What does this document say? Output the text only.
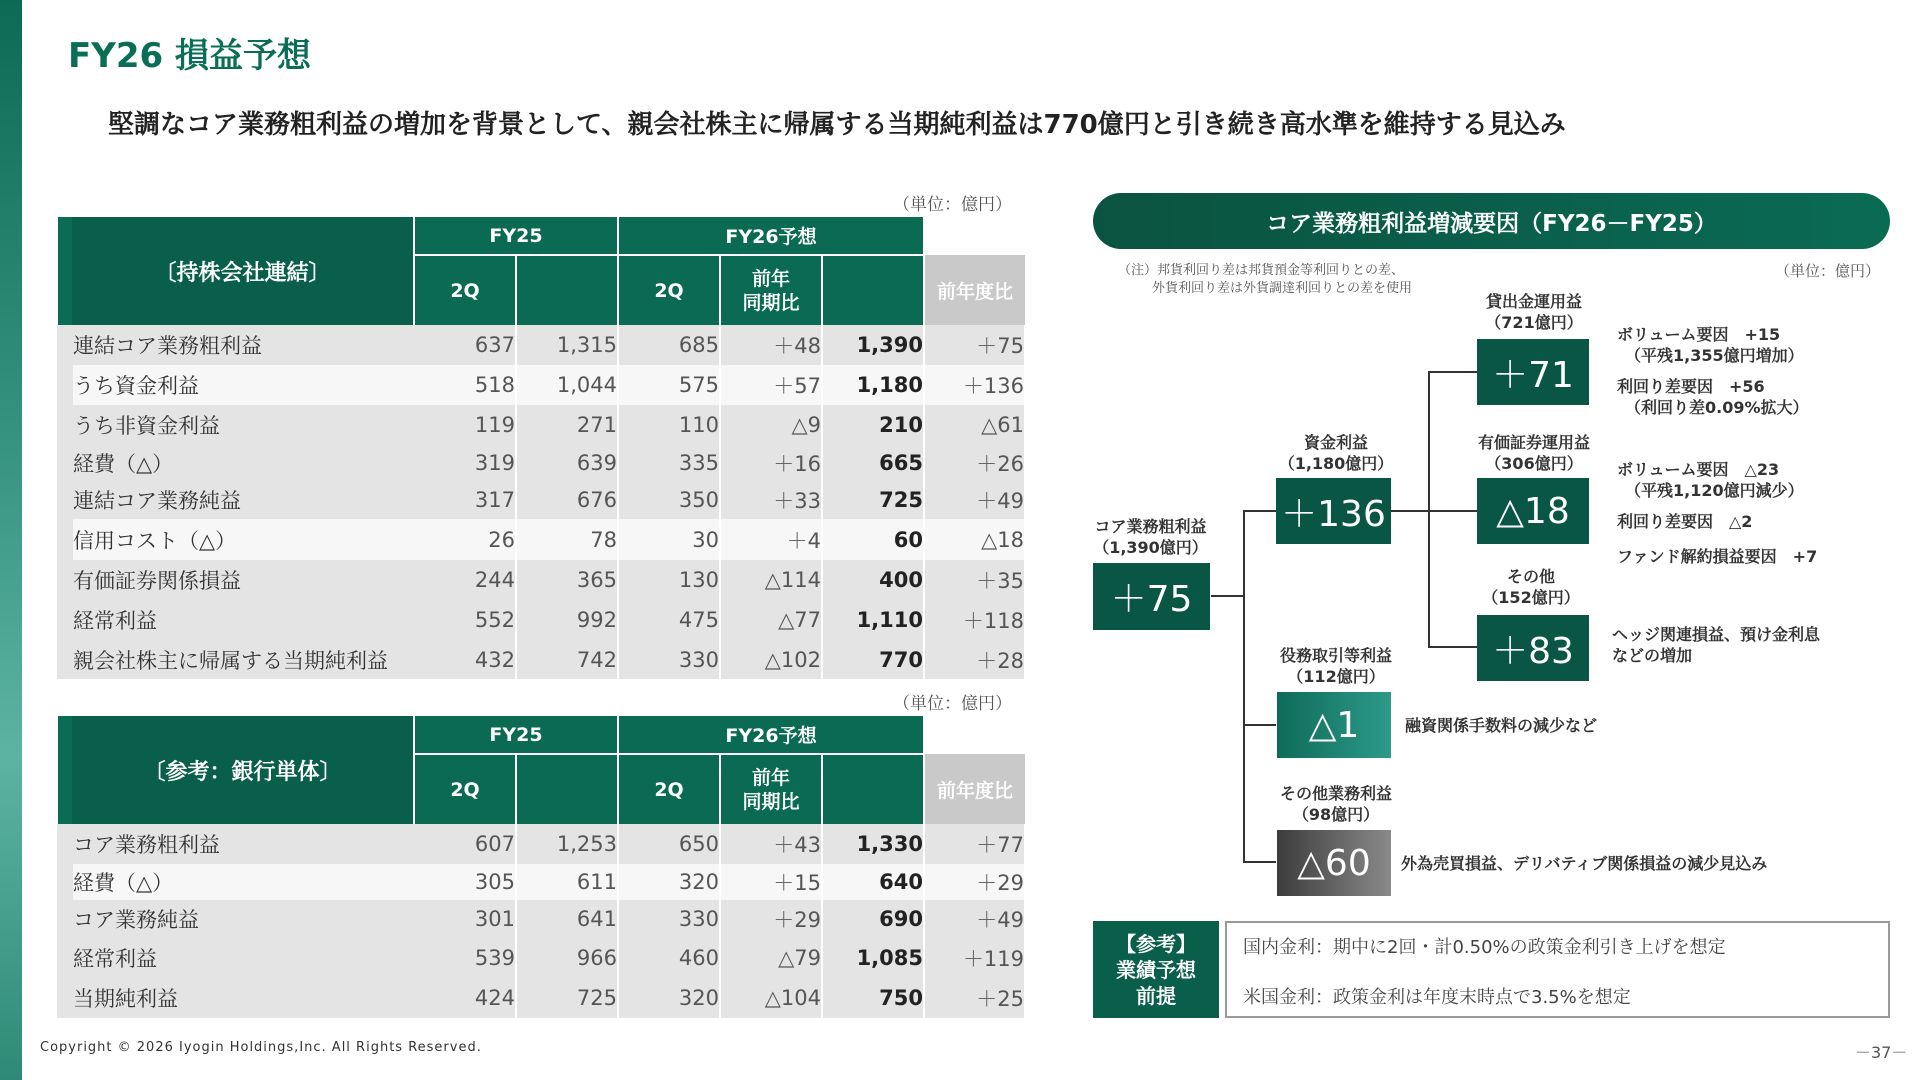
FY26 損益予想
堅調なコア業務粗利益の増加を背景として、親会社株主に帰属する当期純利益は770億円と引き続き高水準を維持する見込み
（単位：億円）
〔持株会社連結〕	FY25		FY26予想			
	2Q		2Q	前年
同期比		前年度比
連結コア業務粗利益	637	1,315	685	＋48	1,390	＋75
うち資金利益	518	1,044	575	＋57	1,180	＋136
うち非資金利益	119	271	110	△9	210	△61
経費（△）	319	639	335	＋16	665	＋26
連結コア業務純益	317	676	350	＋33	725	＋49
信用コスト（△）	26	78	30	＋4	60	△18
有価証券関係損益	244	365	130	△114	400	＋35
経常利益	552	992	475	△77	1,110	＋118
親会社株主に帰属する当期純利益	432	742	330	△102	770	＋28
（単位：億円）
〔参考：銀行単体〕	FY25		FY26予想			
	2Q		2Q	前年
同期比		前年度比
コア業務粗利益	607	1,253	650	＋43	1,330	＋77
経費（△）	305	611	320	＋15	640	＋29
コア業務純益	301	641	330	＋29	690	＋49
経常利益	539	966	460	△79	1,085	＋119
当期純利益	424	725	320	△104	750	＋25
コア業務粗利益増減要因（FY26－FY25）
（注）邦貨利回り差は邦貨預金等利回りとの差、
外貨利回り差は外貨調達利回りとの差を使用
（単位：億円）
コア業務粗利益
（1,390億円）
＋75
資金利益
（1,180億円）
＋136
貸出金運用益
（721億円）
＋71
ボリューム要因　+15
（平残1,355億円増加）
利回り差要因　+56
（利回り差0.09%拡大）
有価証券運用益
（306億円）
△18
ボリューム要因　△23
（平残1,120億円減少）
利回り差要因　△2
ファンド解約損益要因　+7
その他
（152億円）
＋83	ヘッジ関連損益、預け金利息
などの増加
役務取引等利益
（112億円）
△1	融資関係手数料の減少など
その他業務利益
（98億円）
△60	外為売買損益、デリバティブ関係損益の減少見込み
【参考】
業績予想
前提
国内金利：期中に2回・計0.50%の政策金利引き上げを想定
米国金利：政策金利は年度末時点で3.5%を想定
Copyright © 2026 Iyogin Holdings,Inc. All Rights Reserved.	－37－
